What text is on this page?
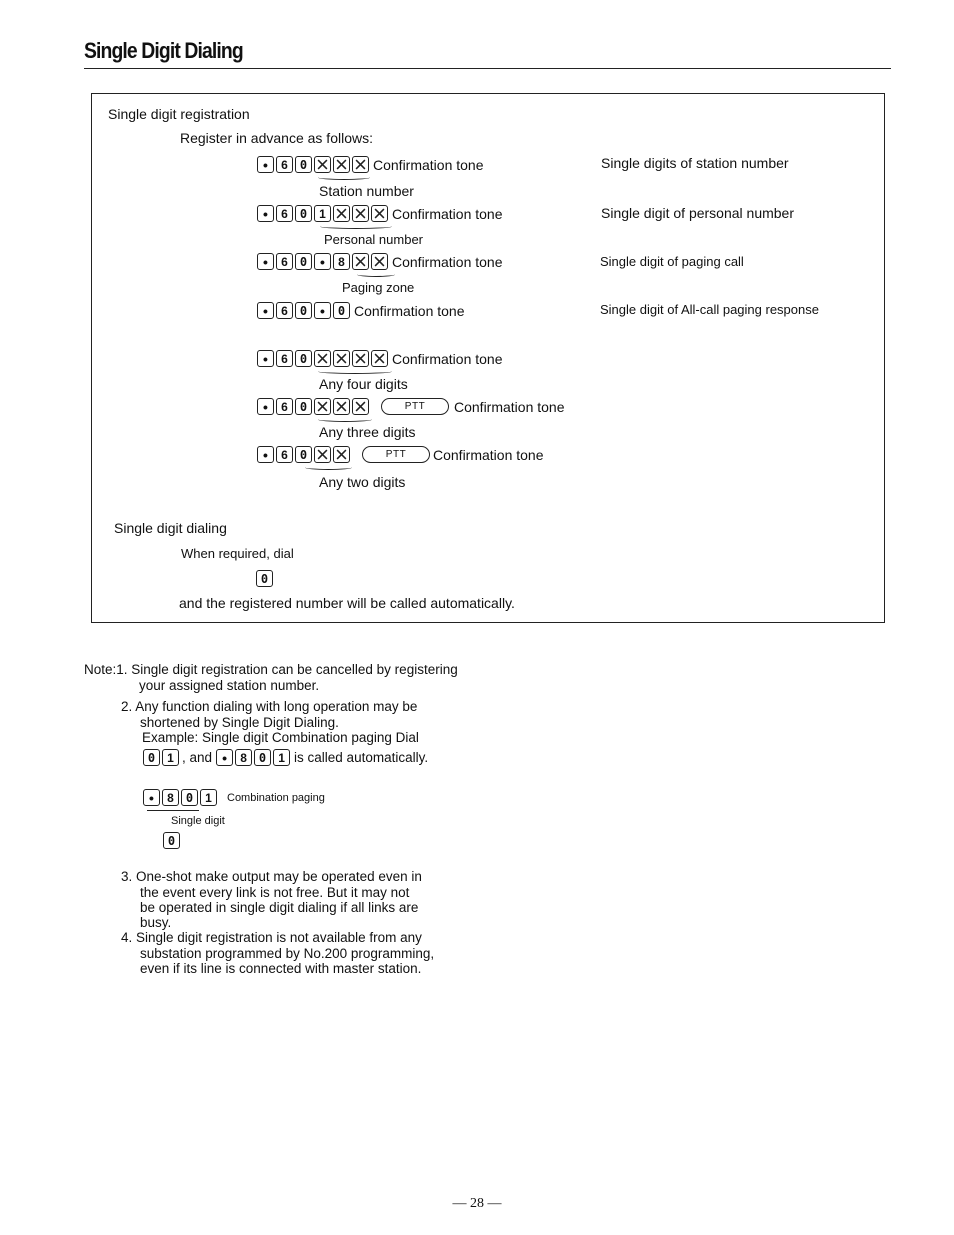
Single Digit Dialing
Single digit registration
Register in advance as follows:
•	6	0	Confirmation tone
Station number
Single digits of station number
•	6	0	1	Confirmation tone
Personal number
Single digit of personal number
•	6	0 •	8	Confirmation tone
Paging zone
Single digit of paging call
•	6	0 •	0 Confirmation tone	Single digit of All-call paging response
•	6	0	Confirmation tone
Any four digits
•	6	0	PTT	Confirmation tone
Any three digits
•	6	0	PTT	Confirmation tone
Any two digits
Single digit dialing
When required, dial
0
and the registered number will be called automatically.
Note:1. Single digit registration can be cancelled by registering
your assigned station number.
2. Any function dialing with long operation may be
shortened by Single Digit Dialing.
Example: Single digit Combination paging Dial
0	1 , and •	8	0	1 is called automatically.
•	8	0	1	Combination paging
Single digit
0
3. One-shot make output may be operated even in
the event every link is not free. But it may not
be operated in single digit dialing if all links are
busy.
4. Single digit registration is not available from any
substation programmed by No.200 programming,
even if its line is connected with master station.
— 28 —
